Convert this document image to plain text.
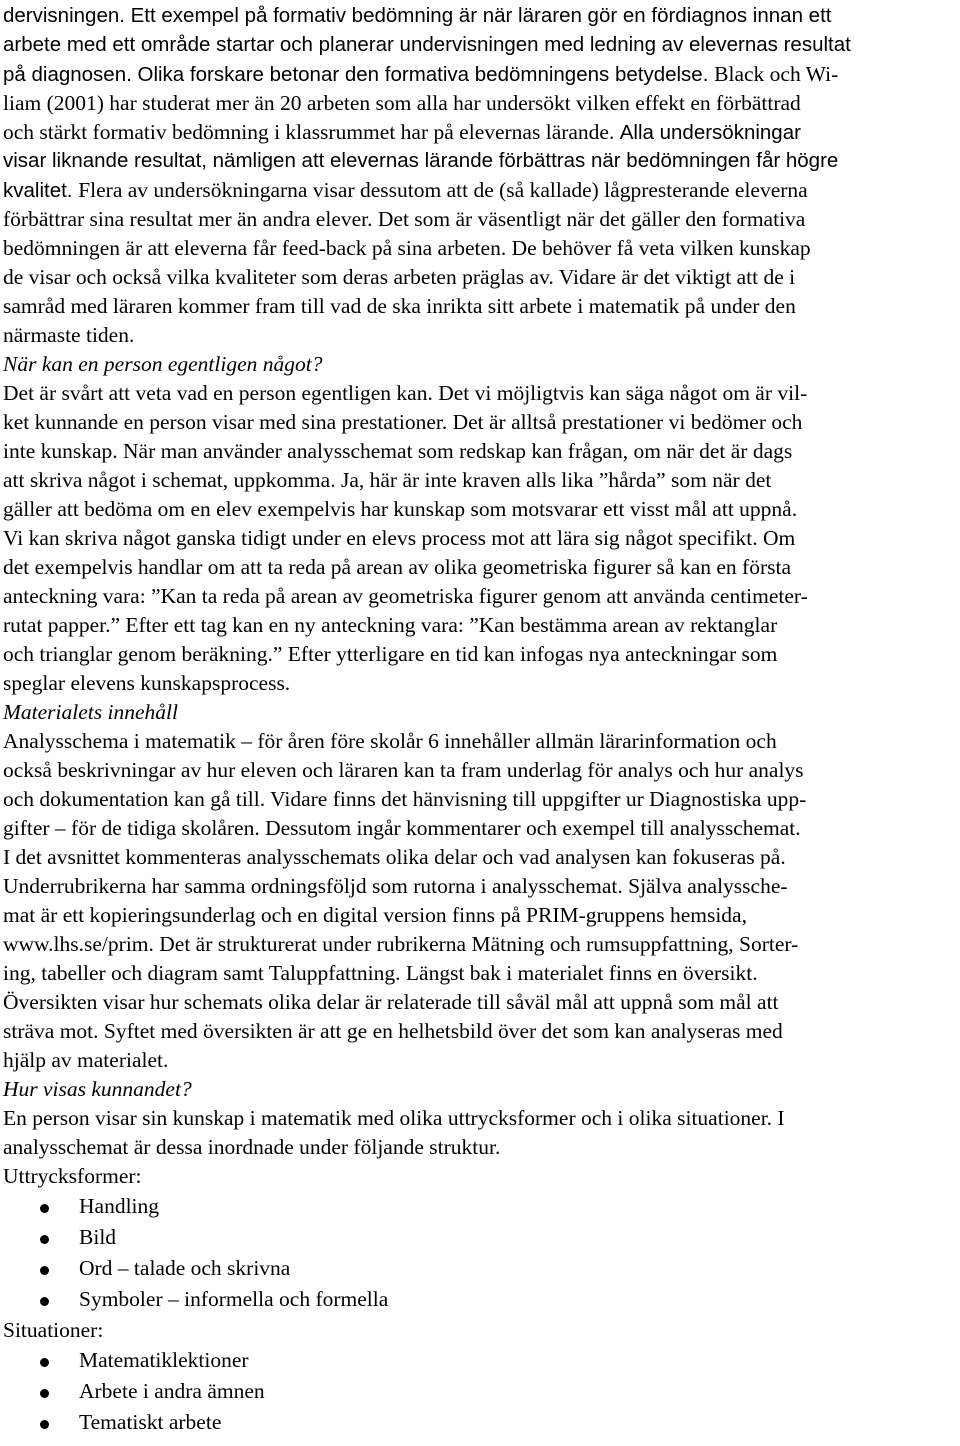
dervisningen. Ett exempel på formativ bedömning är när läraren gör en fördiagnos innan ett
arbete med ett område startar och planerar undervisningen med ledning av elevernas resultat
på diagnosen. Olika forskare betonar den formativa bedömningens betydelse. Black och Wi-
liam (2001) har studerat mer än 20 arbeten som alla har undersökt vilken effekt en förbättrad
och stärkt formativ bedömning i klassrummet har på elevernas lärande. Alla undersökningar
visar liknande resultat, nämligen att elevernas lärande förbättras när bedömningen får högre
kvalitet. Flera av undersökningarna visar dessutom att de (så kallade) lågpresterande eleverna
förbättrar sina resultat mer än andra elever. Det som är väsentligt när det gäller den formativa
bedömningen är att eleverna får feed-back på sina arbeten. De behöver få veta vilken kunskap
de visar och också vilka kvaliteter som deras arbeten präglas av. Vidare är det viktigt att de i
samråd med läraren kommer fram till vad de ska inrikta sitt arbete i matematik på under den
närmaste tiden.
När kan en person egentligen något?
Det är svårt att veta vad en person egentligen kan. Det vi möjligtvis kan säga något om är vil-
ket kunnande en person visar med sina prestationer. Det är alltså prestationer vi bedömer och
inte kunskap. När man använder analysschemat som redskap kan frågan, om när det är dags
att skriva något i schemat, uppkomma. Ja, här är inte kraven alls lika ”hårda” som när det
gäller att bedöma om en elev exempelvis har kunskap som motsvarar ett visst mål att uppnå.
Vi kan skriva något ganska tidigt under en elevs process mot att lära sig något specifikt. Om
det exempelvis handlar om att ta reda på arean av olika geometriska figurer så kan en första
anteckning vara: ”Kan ta reda på arean av geometriska figurer genom att använda centimeter-
rutat papper.” Efter ett tag kan en ny anteckning vara: ”Kan bestämma arean av rektanglar
och trianglar genom beräkning.” Efter ytterligare en tid kan infogas nya anteckningar som
speglar elevens kunskapsprocess.
Materialets innehåll
Analysschema i matematik – för åren före skolår 6 innehåller allmän lärarinformation och
också beskrivningar av hur eleven och läraren kan ta fram underlag för analys och hur analys
och dokumentation kan gå till. Vidare finns det hänvisning till uppgifter ur Diagnostiska upp-
gifter – för de tidiga skolåren. Dessutom ingår kommentarer och exempel till analysschemat.
I det avsnittet kommenteras analysschemats olika delar och vad analysen kan fokuseras på.
Underrubrikerna har samma ordningsföljd som rutorna i analysschemat. Själva analysschе-
mat är ett kopieringsunderlag och en digital version finns på PRIM-gruppens hemsida,
www.lhs.se/prim. Det är strukturerat under rubrikerna Mätning och rumsuppfattning, Sorter-
ing, tabeller och diagram samt Taluppfattning. Längst bak i materialet finns en översikt.
Översikten visar hur schemats olika delar är relaterade till såväl mål att uppnå som mål att
sträva mot. Syftet med översikten är att ge en helhetsbild över det som kan analyseras med
hjälp av materialet.
Hur visas kunnandet?
En person visar sin kunskap i matematik med olika uttrycksformer och i olika situationer. I
analysschemat är dessa inordnade under följande struktur.
Uttrycksformer:
Handling
Bild
Ord – talade och skrivna
Symboler – informella och formella
Situationer:
Matematiklektioner
Arbete i andra ämnen
Tematiskt arbete
